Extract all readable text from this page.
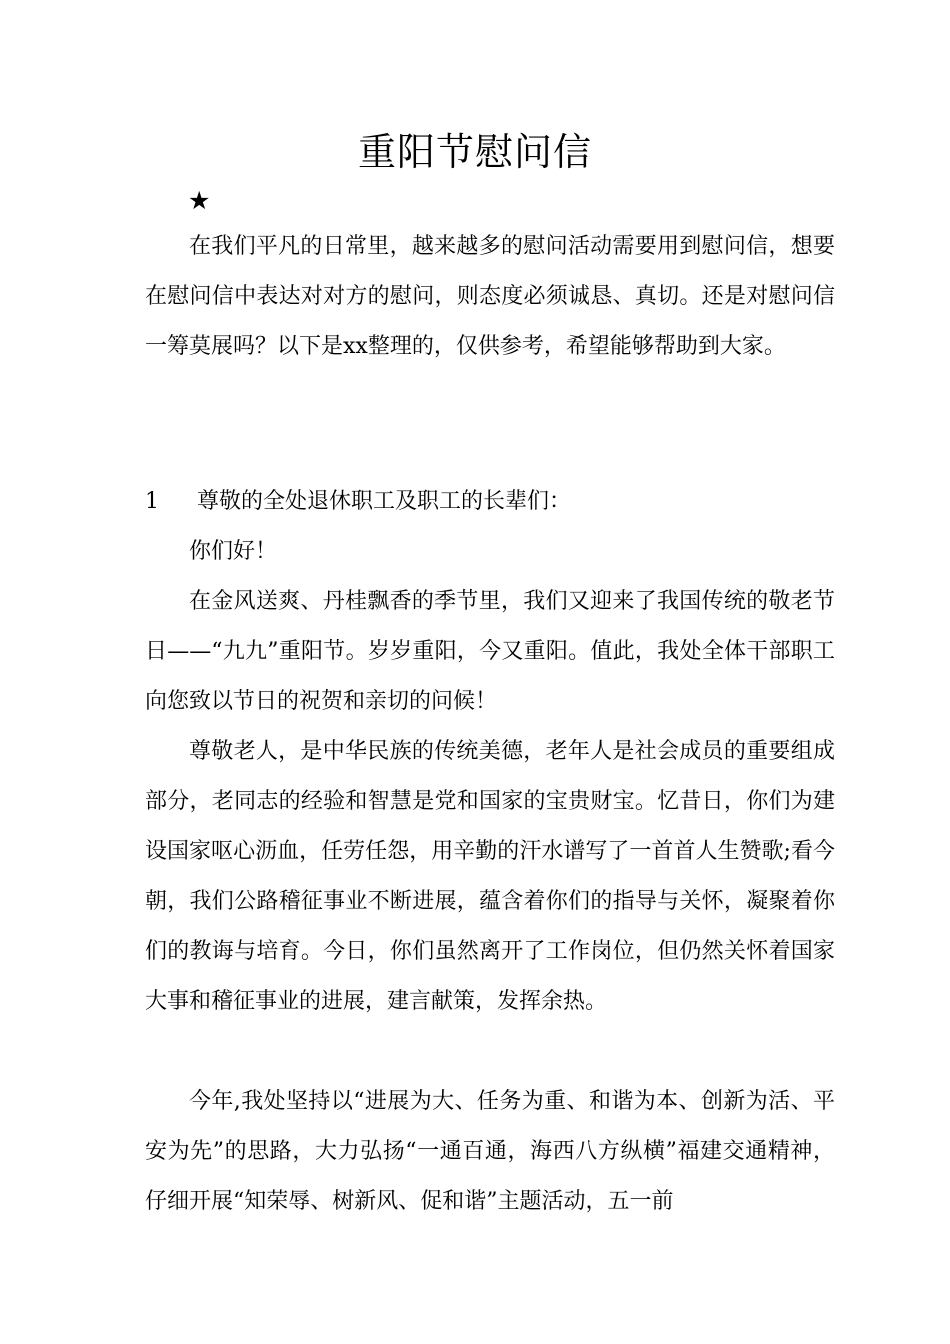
重阳节慰问信
★

在我们平凡的日常里，越来越多的慰问活动需要用到慰问信，想要在慰问信中表达对对方的慰问，则态度必须诚恳、真切。还是对慰问信一筹莫展吗？以下是xx整理的，仅供参考，希望能够帮助到大家。

1 尊敬的全处退休职工及职工的长辈们：

你们好！

在金风送爽、丹桂飘香的季节里，我们又迎来了我国传统的敬老节日——“九九”重阳节。岁岁重阳，今又重阳。值此，我处全体干部职工向您致以节日的祝贺和亲切的问候！

尊敬老人，是中华民族的传统美德，老年人是社会成员的重要组成部分，老同志的经验和智慧是党和国家的宝贵财宝。忆昔日，你们为建设国家呕心沥血，任劳任怨，用辛勤的汗水谱写了一首首人生赞歌;看今朝，我们公路稽征事业不断进展，蕴含着你们的指导与关怀，凝聚着你们的教诲与培育。今日，你们虽然离开了工作岗位，但仍然关怀着国家大事和稽征事业的进展，建言献策，发挥余热。

今年,我处坚持以“进展为大、任务为重、和谐为本、创新为活、平安为先”的思路，大力弘扬“一通百通，海西八方纵横”福建交通精神，仔细开展“知荣辱、树新风、促和谐”主题活动，五一前
